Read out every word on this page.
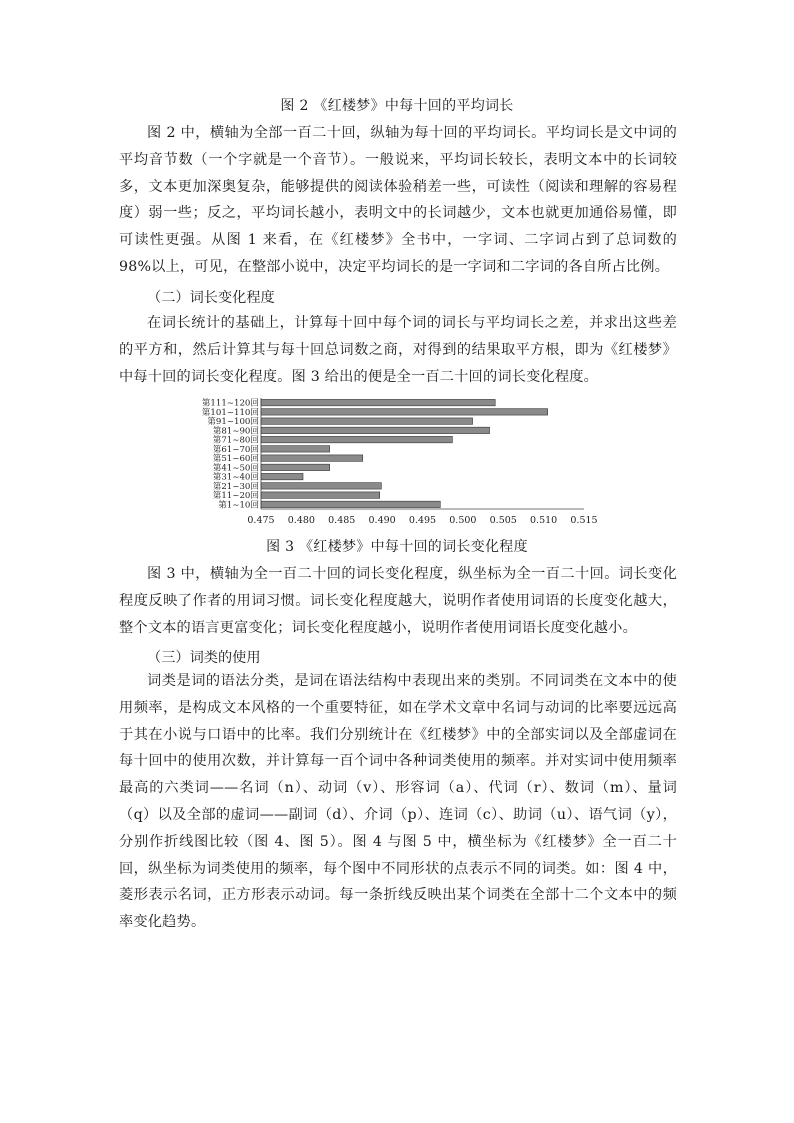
图 2 《红楼梦》中每十回的平均词长

图 2 中，横轴为全部一百二十回，纵轴为每十回的平均词长。平均词长是文中词的平均音节数（一个字就是一个音节）。一般说来，平均词长较长，表明文本中的长词较多，文本更加深奥复杂，能够提供的阅读体验稍差一些，可读性（阅读和理解的容易程度）弱一些；反之，平均词长越小，表明文中的长词越少，文本也就更加通俗易懂，即可读性更强。从图 1 来看，在《红楼梦》全书中，一字词、二字词占到了总词数的 98%以上，可见，在整部小说中，决定平均词长的是一字词和二字词的各自所占比例。

（二）词长变化程度

在词长统计的基础上，计算每十回中每个词的词长与平均词长之差，并求出这些差的平方和，然后计算其与每十回总词数之商，对得到的结果取平方根，即为《红楼梦》中每十回的词长变化程度。图 3 给出的便是全一百二十回的词长变化程度。

第111~120回
第101~110回
第91~100回
第81~90回
第71~80回
第61~70回
第51~60回
第41~50回
第31~40回
第21~30回
第11~20回
第1~10回
0.475 0.480 0.485 0.490 0.495 0.500 0.505 0.510 0.515
图 3 《红楼梦》中每十回的词长变化程度

图 3 中，横轴为全一百二十回的词长变化程度，纵坐标为全一百二十回。词长变化程度反映了作者的用词习惯。词长变化程度越大，说明作者使用词语的长度变化越大，整个文本的语言更富变化；词长变化程度越小，说明作者使用词语长度变化越小。

（三）词类的使用

词类是词的语法分类，是词在语法结构中表现出来的类别。不同词类在文本中的使用频率，是构成文本风格的一个重要特征，如在学术文章中名词与动词的比率要远远高于其在小说与口语中的比率。我们分别统计在《红楼梦》中的全部实词以及全部虚词在每十回中的使用次数，并计算每一百个词中各种词类使用的频率。并对实词中使用频率最高的六类词——名词（n）、动词（v）、形容词（a）、代词（r）、数词（m）、量词（q）以及全部的虚词——副词（d）、介词（p）、连词（c）、助词（u）、语气词（y），分别作折线图比较（图 4、图 5）。图 4 与图 5 中，横坐标为《红楼梦》全一百二十回，纵坐标为词类使用的频率，每个图中不同形状的点表示不同的词类。如：图 4 中，菱形表示名词，正方形表示动词。每一条折线反映出某个词类在全部十二个文本中的频率变化趋势。
